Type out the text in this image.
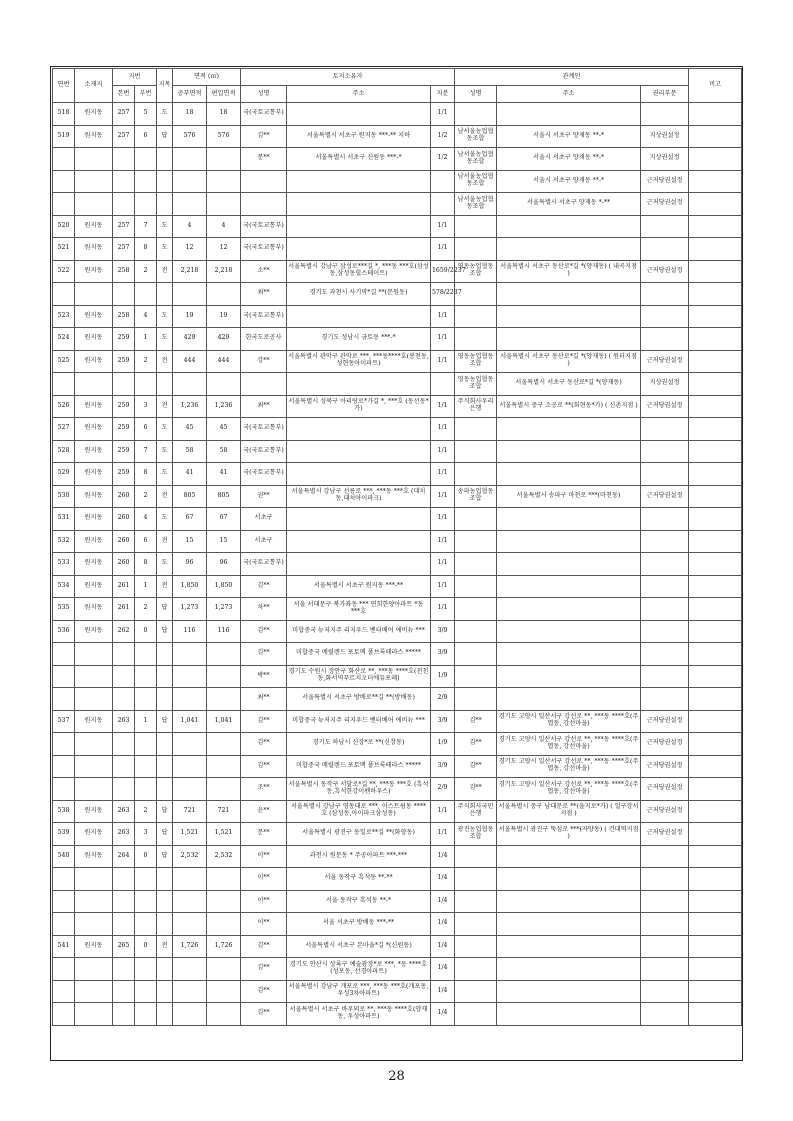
연번	소재지	지번		지목	면적 (㎡)		토지소유자			관계인			비고
		본번	부번		공부면적	편입면적	성명	주소	지분	성명	주소	권리부문	
518	원지동	257	5	도	18	18	국(국토교통부)		1/1				
519	원지동	257	6	답	576	576	김**	서울특별시 서초구 원지동 ***-** 지하	1/2	남서울농업협동조합	서울시 서초구 양재동 **-*	지상권설정	
							문**	서울특별시 서초구 신원동 ***-*	1/2	남서울농업협동조합	서울시 서초구 양재동 **-*	지상권설정	
										남서울농업협동조합	서울시 서초구 양재동 **-*	근저당권설정	
										남서울농업협동조합	서울특별시 서초구 양재동 *-**	근저당권설정	
520	원지동	257	7	도	4	4	국(국토교통부)		1/1				
521	원지동	257	8	도	12	12	국(국토교통부)		1/1				
522	원지동	258	2	전	2,218	2,218	소**	서울특별시 강남구 삼성로***길 *, ***동 ***호(삼성동,삼성동힐스테이트)	1659/2237	영동농업협동조합	서울특별시 서초구 동산로*길 *(양재동) ( 내곡지점 )	근저당권설정	
							최**	경기도 과천시 사기막*길 **(문원동)	578/2237				
523	원지동	258	4	도	19	19	국(국토교통부)		1/1				
524	원지동	259	1	도	429	429	한국도로공사	경기도 성남시 금토동 ***-*	1/1				
525	원지동	259	2	전	444	444	강**	서울특별시 관악구 관악로 ***, ***동****호(봉천동,성현동아이파트)	1/1	영동농업협동조합	서울특별시 서초구 동산로*길 *(양재동) ( 원터지점 )	근저당권설정	
										영동농업협동조합	서울특별시 서초구 동산로*길 *(양재동)	지상권설정	
526	원지동	259	3	전	1,236	1,236	최**	서울특별시 성북구 아리랑로*가길 *, ***호 (동선동*가)	1/1	주식회사우리은행	서울특별시 중구 소공로 **(회현동*가) ( 신촌지점 )	근저당권설정	
527	원지동	259	6	도	45	45	국(국토교통부)		1/1				
528	원지동	259	7	도	58	58	국(국토교통부)		1/1				
529	원지동	259	8	도	41	41	국(국토교통부)		1/1				
530	원지동	260	2	전	805	805	권**	서울특별시 강남구 선릉로 ***, ***동 ***호 (대치동,대치아이파크)	1/1	송파농업협동조합	서울특별시 송파구 마천로 ***(마천동)	근저당권설정	
531	원지동	260	4	도	67	67	서초구		1/1				
532	원지동	260	6	전	15	15	서초구		1/1				
533	원지동	260	8	도	96	96	국(국토교통부)		1/1				
534	원지동	261	1	전	1,850	1,850	김**	서울특별시 서초구 원지동 ***-**	1/1				
535	원지동	261	2	답	1,273	1,273	차**	서울 서대문구 북가좌동 *** 연희한양아파트 *동 ***호	1/1				
536	원지동	262	0	답	116	116	김**	미합중국 뉴저지주 리지우드 벤터베어 에비뉴 ***	3/9				
							김**	미합중국 메릴랜드 포토맥 폴브룩테라스 *****	3/9				
							박**	경기도 수원시 장안구 화산로 **, ***동 ****호(천천동,화서역푸르지오더에듀포레)	1/9				
							최**	서울특별시 서초구 방배로**길 **(방배동)	2/9				
537	원지동	263	1	답	1,041	1,041	김**	미합중국 뉴저지주 리지우드 벤터베어 에비뉴 ***	3/9	김**	경기도 고양시 일산서구 강선로 **, ***동 ****호(주엽동, 강선마을)	근저당권설정	
							김**	경기도 하남시 신장*로 **(신장동)	1/9	김**	경기도 고양시 일산서구 강선로 **, ***동 ****호(주엽동, 강선마을)	근저당권설정	
							김**	미합중국 메릴랜드 포토맥 폴브룩테라스 *****	3/9	김**	경기도 고양시 일산서구 강선로 **, ***동 ****호(주엽동, 강선마을)	근저당권설정	
							조**	서울특별시 동작구 서달로*길 **, ***동 ***호 (흑석동,흑석한강이펜하우스)	2/9	김**	경기도 고양시 일산서구 강선로 **, ***동 ****호(주엽동, 강선마을)	근저당권설정	
538	원지동	263	2	답	721	721	윤**	서울특별시 강남구 영동대로 ***, 이스트윙동 ****호 (삼성동,아이파크삼성동)	1/1	주식회사국민은행	서울특별시 중구 남대문로 **(을지로*가) ( 일구장서지점 )	근저당권설정	
539	원지동	263	3	답	1,521	1,521	문**	서울특별시 광진구 동일로**길 **(화양동)	1/1	광진농업협동조합	서울특별시 광진구 뚝섬로 ***(자양동) ( 건대역지점 )	근저당권설정	
540	원지동	264	0	답	2,532	2,532	이**	과천시 원문동 * 주공아파트 ***-***	1/4				
							이**	서울 동작구 흑석동 **-**	1/4				
							이**	서울 동작구 흑석동 **-*	1/4				
							이**	서울 서초구 방배동 ***-**	1/4				
541	원지동	265	0	전	1,726	1,726	김**	서울특별시 서초구 본마을*길 *(신원동)	1/4				
							김**	경기도 안산시 상록구 예술광장*로 ***, *동 ****호(성포동, 선경아파트)	1/4				
							김**	서울특별시 강남구 개포로 ***, ***동 ***호(개포동, 우성3차아파트)	1/4				
							김**	서울특별시 서초구 바우뫼로 **, ***동 ****호(양재동, 우성아파트)	1/4				
28
